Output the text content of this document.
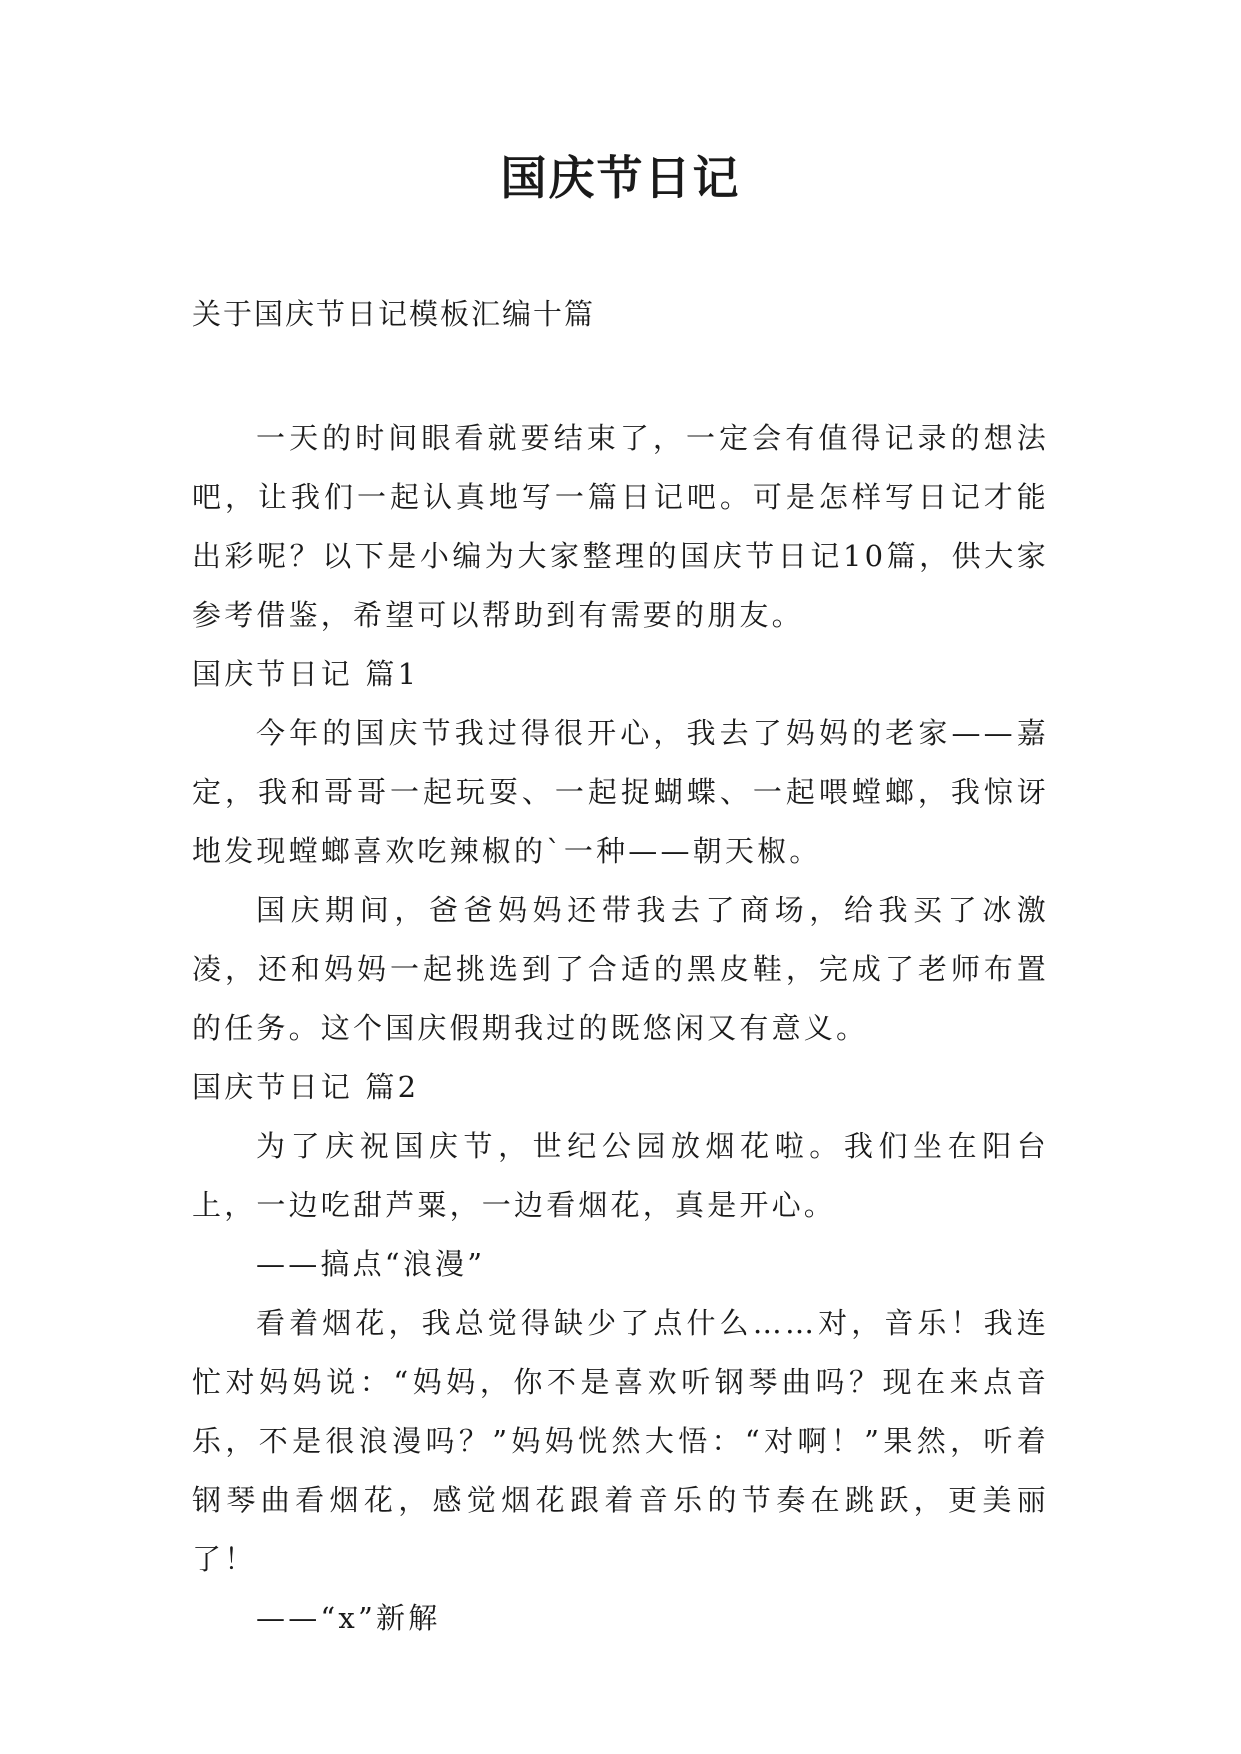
国庆节日记
关于国庆节日记模板汇编十篇

一天的时间眼看就要结束了，一定会有值得记录的想法吧，让我们一起认真地写一篇日记吧。可是怎样写日记才能出彩呢？以下是小编为大家整理的国庆节日记10篇，供大家参考借鉴，希望可以帮助到有需要的朋友。

国庆节日记 篇1

今年的国庆节我过得很开心，我去了妈妈的老家——嘉定，我和哥哥一起玩耍、一起捉蝴蝶、一起喂螳螂，我惊讶地发现螳螂喜欢吃辣椒的`一种——朝天椒。

国庆期间，爸爸妈妈还带我去了商场，给我买了冰激凌，还和妈妈一起挑选到了合适的黑皮鞋，完成了老师布置的任务。这个国庆假期我过的既悠闲又有意义。

国庆节日记 篇2

为了庆祝国庆节，世纪公园放烟花啦。我们坐在阳台上，一边吃甜芦粟，一边看烟花，真是开心。

——搞点“浪漫”

看着烟花，我总觉得缺少了点什么……对，音乐！我连忙对妈妈说：“妈妈，你不是喜欢听钢琴曲吗？现在来点音乐，不是很浪漫吗？”妈妈恍然大悟：“对啊！”果然，听着钢琴曲看烟花，感觉烟花跟着音乐的节奏在跳跃，更美丽了！

——“x”新解
